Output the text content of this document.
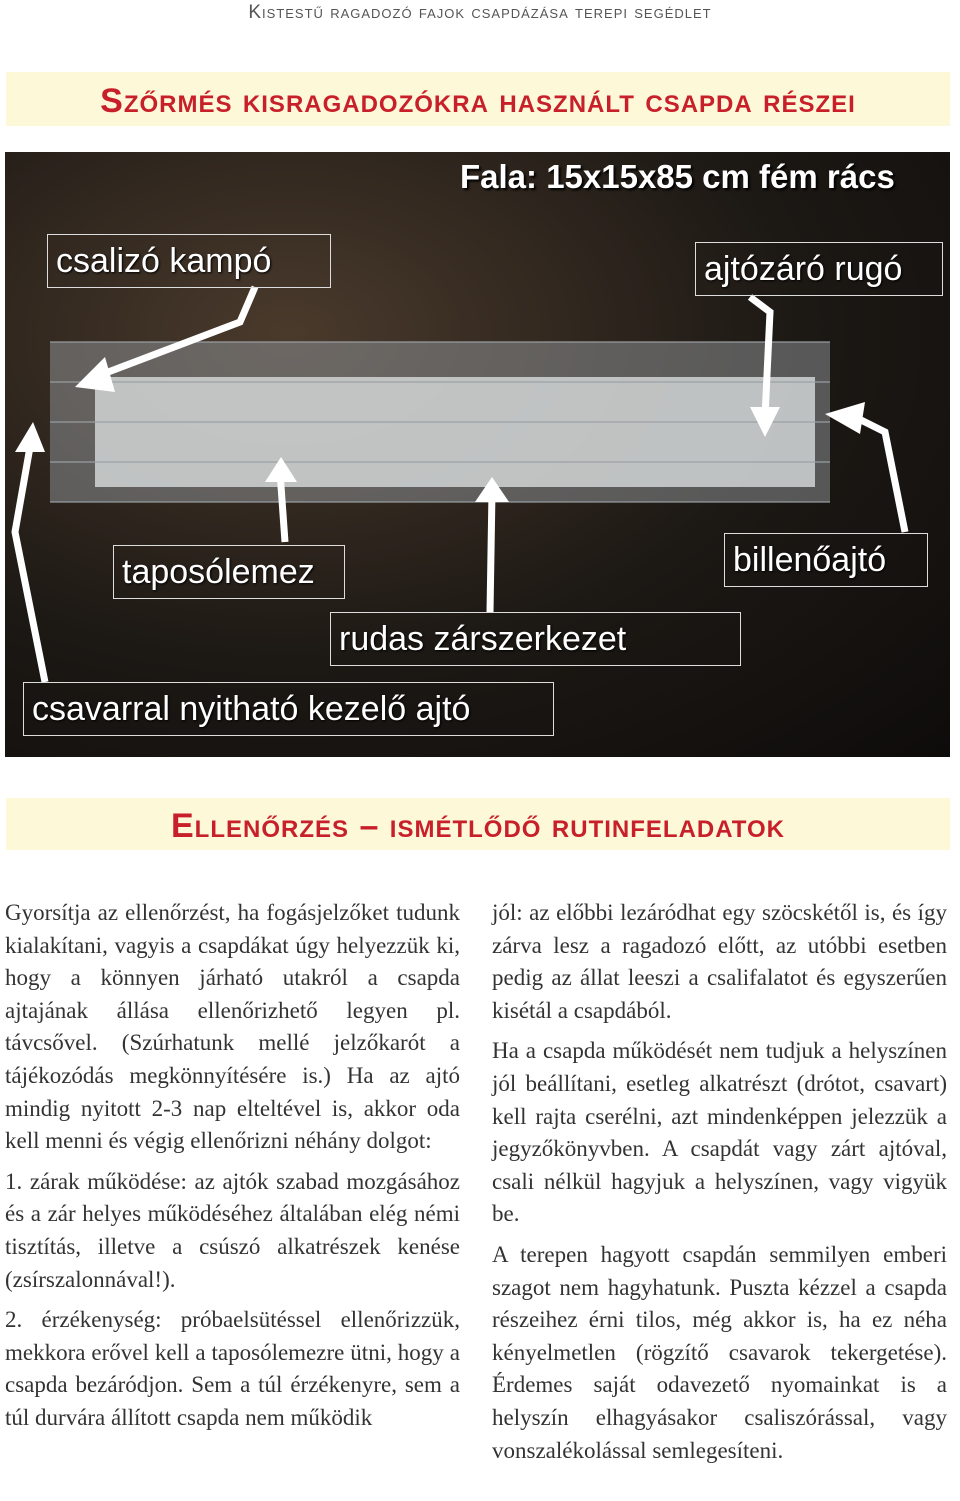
Kistestű ragadozó fajok csapdázása terepi segédlet
Szőrmés kisragadozókra használt csapda részei
Fala: 15x15x85 cm fém rács
csalizó kampó	ajtózáró rugó
taposólemez	billenőajtó
rudas zárszerkezet
csavarral nyitható kezelő ajtó
Ellenőrzés – ismétlődő rutinfeladatok

Gyorsítja az ellenőrzést, ha fogásjelzőket tudunk kialakítani, vagyis a csapdákat úgy helyezzük ki, hogy a könnyen járható utakról a csapda ajtajának állása ellenőrizhető legyen pl. távcsővel. (Szúrhatunk mellé jelzőkarót a tájékozódás megkönnyítésére is.) Ha az ajtó mindig nyitott 2-3 nap elteltével is, akkor oda kell menni és végig ellenőrizni néhány dolgot:

1. zárak működése: az ajtók szabad mozgásához és a zár helyes működéséhez általában elég némi tisztítás, illetve a csúszó alkatrészek kenése (zsírszalonnával!).

2. érzékenység: próbaelsütéssel ellenőrizzük, mekkora erővel kell a taposólemezre ütni, hogy a csapda bezáródjon. Sem a túl érzékenyre, sem a túl durvára állított csapda nem működik

jól: az előbbi lezáródhat egy szöcskétől is, és így zárva lesz a ragadozó előtt, az utóbbi esetben pedig az állat leeszi a csalifalatot és egyszerűen kisétál a csapdából.

Ha a csapda működését nem tudjuk a helyszínen jól beállítani, esetleg alkatrészt (drótot, csavart) kell rajta cserélni, azt mindenképpen jelezzük a jegyzőkönyvben. A csapdát vagy zárt ajtóval, csali nélkül hagyjuk a helyszínen, vagy vigyük be.

A terepen hagyott csapdán semmilyen emberi szagot nem hagyhatunk. Puszta kézzel a csapda részeihez érni tilos, még akkor is, ha ez néha kényelmetlen (rögzítő csavarok tekergetése). Érdemes saját odavezető nyomainkat is a helyszín elhagyásakor csaliszórással, vagy vonszalékolással semlegesíteni.
